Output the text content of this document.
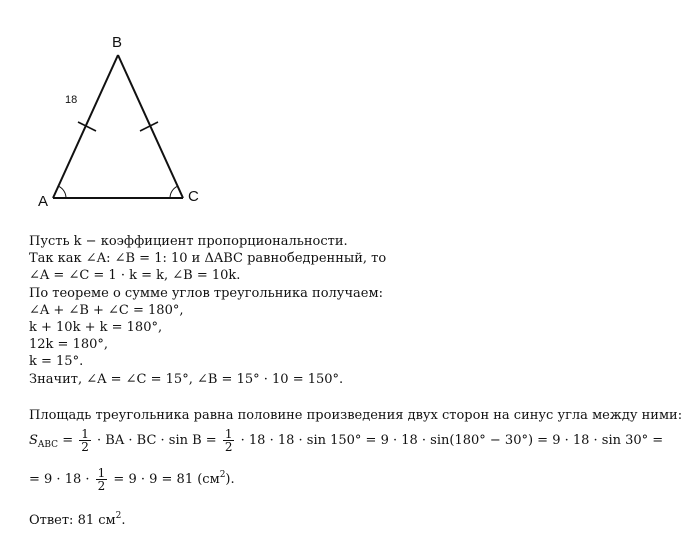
A
B
C
18

Пусть k − коэффициент пропорциональности.

Так как ∠A: ∠B = 1: 10 и ΔABC равнобедренный, то

∠A = ∠C = 1 · k = k, ∠B = 10k.

По теореме о сумме углов треугольника получаем:

∠A + ∠B + ∠C = 180°,

k + 10k + k = 180°,

12k = 180°,

k = 15°.

Значит, ∠A = ∠C = 15°, ∠B = 15° · 10 = 150°.

Площадь треугольника равна половине произведения двух сторон на синус угла между ними:

$S_{ABC} = \frac{1}{2}$ · BA · BC · $\sin B = \frac{1}{2} \cdot 18 \cdot 18 \cdot \sin 150^\circ = 9 \cdot 18 \cdot \sin(180^\circ - 30^\circ) = 9 \cdot 18 \cdot \sin 30^\circ$ =

= $9 \cdot 18 \cdot \frac{1}{2} = 9 \cdot 9 = 81$ $(см^2)$.

Ответ: 81 $см^2$.
